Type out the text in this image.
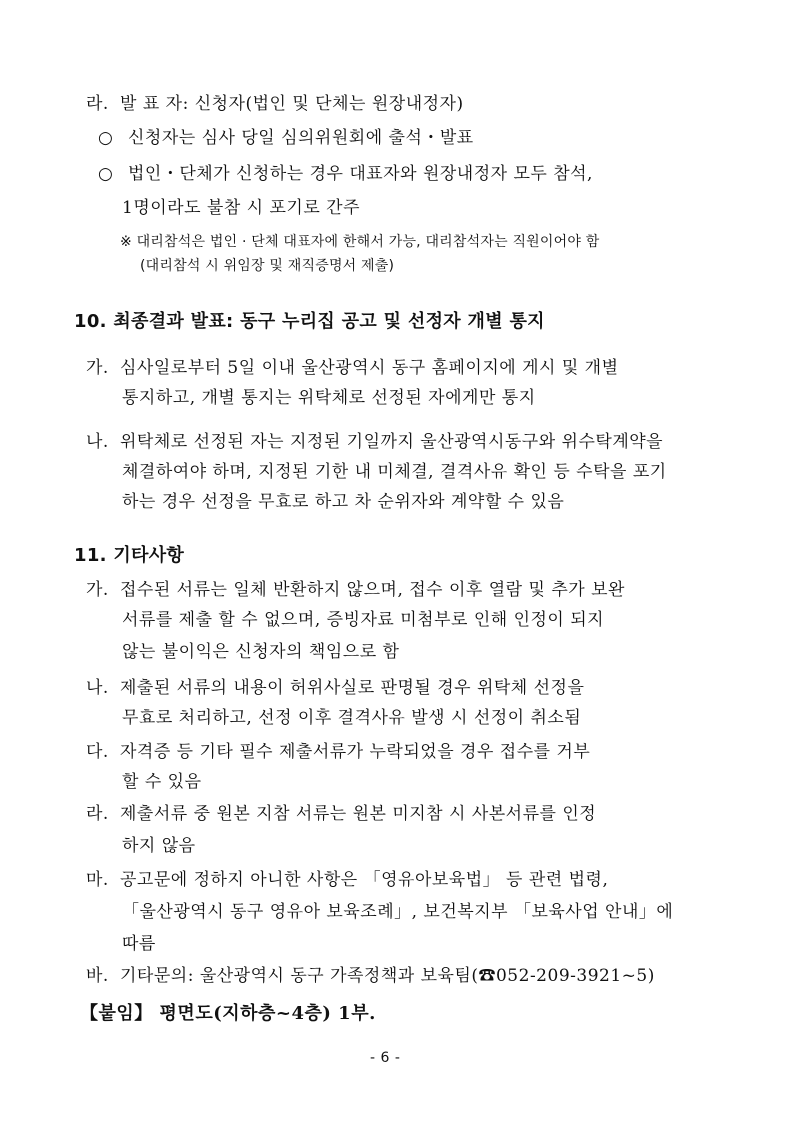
라. 발 표 자: 신청자(법인 및 단체는 원장내정자)
○ 신청자는 심사 당일 심의위원회에 출석・발표
○ 법인・단체가 신청하는 경우 대표자와 원장내정자 모두 참석,
1명이라도 불참 시 포기로 간주
※ 대리참석은 법인 · 단체 대표자에 한해서 가능, 대리참석자는 직원이어야 함
(대리참석 시 위임장 및 재직증명서 제출)
10. 최종결과 발표: 동구 누리집 공고 및 선정자 개별 통지
가. 심사일로부터 5일 이내 울산광역시 동구 홈페이지에 게시 및 개별
통지하고, 개별 통지는 위탁체로 선정된 자에게만 통지
나. 위탁체로 선정된 자는 지정된 기일까지 울산광역시동구와 위수탁계약을
체결하여야 하며, 지정된 기한 내 미체결, 결격사유 확인 등 수탁을 포기
하는 경우 선정을 무효로 하고 차 순위자와 계약할 수 있음
11. 기타사항
가. 접수된 서류는 일체 반환하지 않으며, 접수 이후 열람 및 추가 보완
서류를 제출 할 수 없으며, 증빙자료 미첨부로 인해 인정이 되지
않는 불이익은 신청자의 책임으로 함
나. 제출된 서류의 내용이 허위사실로 판명될 경우 위탁체 선정을
무효로 처리하고, 선정 이후 결격사유 발생 시 선정이 취소됨
다. 자격증 등 기타 필수 제출서류가 누락되었을 경우 접수를 거부
할 수 있음
라. 제출서류 중 원본 지참 서류는 원본 미지참 시 사본서류를 인정
하지 않음
마. 공고문에 정하지 아니한 사항은 「영유아보육법」 등 관련 법령,
「울산광역시 동구 영유아 보육조례」, 보건복지부 「보육사업 안내」에
따름
바. 기타문의: 울산광역시 동구 가족정책과 보육팀(☎052-209-3921~5)
【붙임】 평면도(지하층~4층) 1부.
- 6 -
